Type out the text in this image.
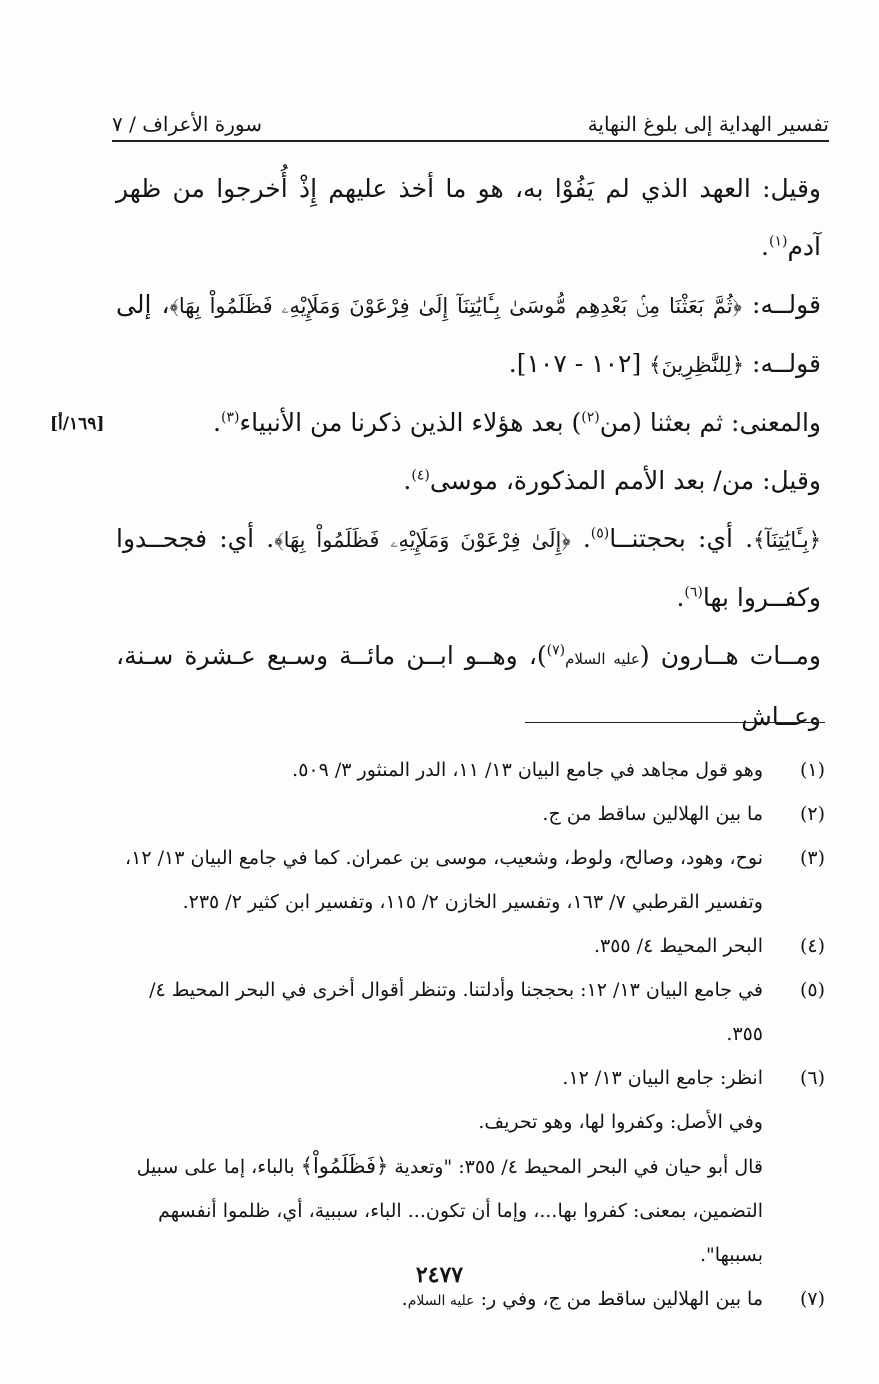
تفسير الهداية إلى بلوغ النهاية
سورة الأعراف / ٧
[١٦٩/أ]

وقيل: العهد الذي لم يَفُوْا به، هو ما أخذ عليهم إِذْ أُخرجوا من ظهر آدم$^{(١)}$.

قولــه: ﴿ثُمَّ بَعَثْنَا مِنۢ بَعْدِهِم مُّوسَىٰ بِـَٔايَٰتِنَآ إِلَىٰ فِرْعَوْنَ وَمَلَإِيْهِۦ فَظَلَمُواْ بِهَا﴾، إلى قولــه: ﴿لِلنَّٰظِرِينَ﴾ [١٠٢ - ١٠٧].

والمعنى: ثم بعثنا (من$^{(٢)}$) بعد هؤلاء الذين ذكرنا من الأنبياء$^{(٣)}$.

وقيل: من/ بعد الأمم المذكورة، موسى$^{(٤)}$.

﴿بِـَٔايَٰتِنَآ﴾. أي: بحجتنــا$^{(٥)}$. ﴿إِلَىٰ فِرْعَوْنَ وَمَلَإِيْهِۦ فَظَلَمُواْ بِهَا﴾. أي: فجحــدوا وكفــروا بها$^{(٦)}$.

ومــات هــارون (عليه السلام$^{(٧)}$)، وهــو ابــن مائــة وسـبع عـشرة سـنة، وعــاش

(١)
وهو قول مجاهد في جامع البيان ١٣/ ١١، الدر المنثور ٣/ ٥٠٩.
(٢)
ما بين الهلالين ساقط من ج.
(٣)
نوح، وهود، وصالح، ولوط، وشعيب، موسى بن عمران. كما في جامع البيان ١٣/ ١٢، وتفسير القرطبي ٧/ ١٦٣، وتفسير الخازن ٢/ ١١٥، وتفسير ابن كثير ٢/ ٢٣٥.
(٤)
البحر المحيط ٤/ ٣٥٥.
(٥)
في جامع البيان ١٣/ ١٢: بحججنا وأدلتنا. وتنظر أقوال أخرى في البحر المحيط ٤/ ٣٥٥.
(٦)
انظر: جامع البيان ١٣/ ١٢.
وفي الأصل: وكفروا لها، وهو تحريف.
قال أبو حيان في البحر المحيط ٤/ ٣٥٥: "وتعدية ﴿فَظَلَمُواْ﴾ بالباء، إما على سبيل التضمين، بمعنى: كفروا بها...، وإما أن تكون... الباء، سببية، أي، ظلموا أنفسهم بسببها".
(٧)
ما بين الهلالين ساقط من ج، وفي ر: عليه السلام.
٢٤٧٧
